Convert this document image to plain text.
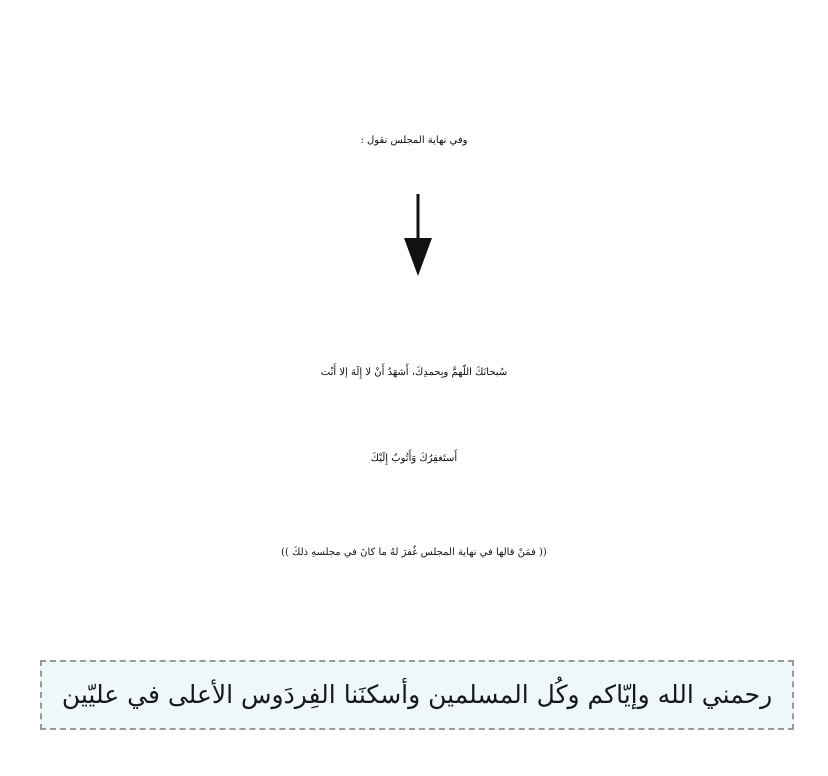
وفي نهاية المجلس نقول :
سُبحانَكَ اللّهمَّ وبِحمدِكَ، أَشهَدُ أَنْ لا إِلَهَ إلا أَنْت
أَستَغفِرُكَ وَأَتُوبُ إِلَيْكَ
(( فمَنْ قالها في نهاية المجلس غُفرَ لهُ ما كانَ في مجلسهِ ذلكَ ))
رحمني الله وإيّاكم وكُل المسلمين وأسكنَنا الفِردَوس الأعلى في عليّين
